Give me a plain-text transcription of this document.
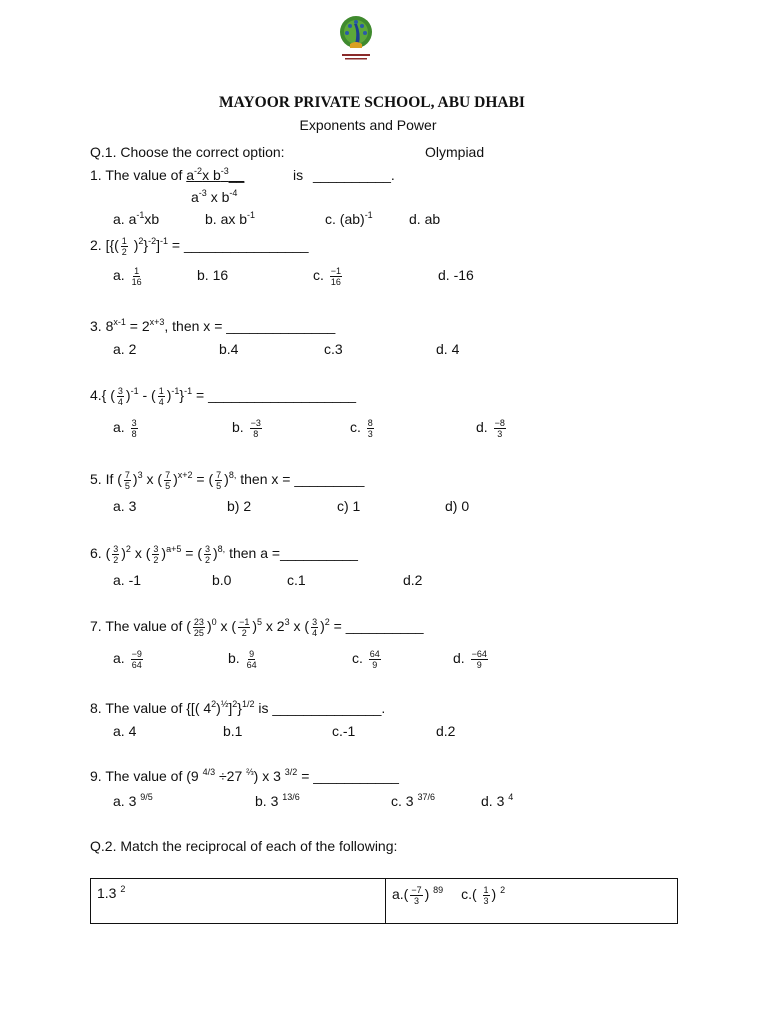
MAYOOR PRIVATE SCHOOL, ABU DHABI
Exponents and Power
Q.1. Choose the correct option:	Olympiad
1. The value of $a^{-2}x$ $b^{-3}\_\_$	is __________.
$a^{-3}$ x $b^{-4}$
a. $a^{-1}xb$	b. ax $b^{-1}$	c. (ab)$^{-1}$	d. ab
2. [{( $\frac{1}{2} )^2\}^{-2}]^{-1}$ = ________________
a. $\frac{1}{16}$	b. 16	c. $\frac{-1}{16}$	d. -16
3. $8^{x-1} = 2^{x+3}$, then x = ______________
a. 2	b.4	c.3	d. 4
4.{ ( $\frac{3}{4} )^{-1}$ - ( $\frac{1}{4} )^{-1}\}^{-1}$ = ___________________
a. $\frac{3}{8}$	b. $\frac{-3}{8}$	c. $\frac{8}{3}$	d. $\frac{-8}{3}$
5. If ( $\frac{7}{5} )^3$ x ( $\frac{7}{5} )^{x+2}$ = ( $\frac{7}{5} )^{8,}$ then x = _________
a. 3	b) 2	c) 1	d) 0
6. ( $\frac{3}{2} )^2$ x ( $\frac{3}{2} )^{a+5}$ = ( $\frac{3}{2} )^{8,}$ then a =__________
a. -1	b.0	c.1	d.2
7. The value of ( $\frac{23}{25} )^0$ x ( $\frac{-1}{2} )^5$ x $2^3$ x ( $\frac{3}{4} )^2$ = __________
a. $\frac{-9}{64}$	b. $\frac{9}{64}$	c. $\frac{64}{9}$	d. $\frac{-64}{9}$
8. The value of {[( $4^2)^{\frac{1}{2}}]^2\}^{1/2}$ is ______________.
a. 4	b.1	c.-1	d.2
9. The value of (9 $^{4/3}$ ÷27 $^{\frac{2}{3}}$) x 3 $^{3/2}$ = ___________
a. 3 $^{9/5}$	b. 3 $^{13/6}$	c. 3 $^{37/6}$	d. 3 $^4$
Q.2. Match the reciprocal of each of the following:
1.3 $^2$	$a.( \frac{-7}{3}$ ) $^{89}$ $c.( \frac{1}{3}$ ) $^2$
